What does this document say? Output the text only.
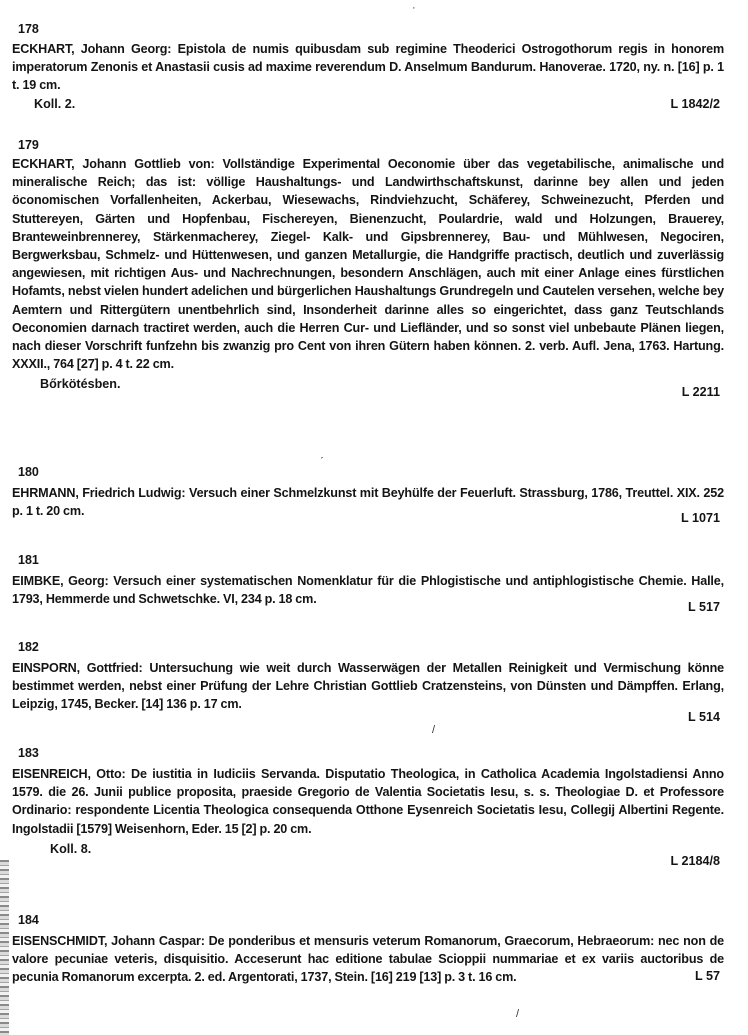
178
ECKHART, Johann Georg: Epistola de numis quibusdam sub regimine Theoderici Ostrogothorum regis in honorem imperatorum Zenonis et Anastasii cusis ad maxime reverendum D. Anselmum Bandurum. Hanoverae. 1720, ny. n. [16] p. 1 t. 19 cm.
Koll. 2.	L 1842/2
179
ECKHART, Johann Gottlieb von: Vollständige Experimental Oeconomie über das vegetabilische, animalische und mineralische Reich; das ist: völlige Haushaltungs- und Landwirthschaftskunst, darinne bey allen und jeden öconomischen Vorfallenheiten, Ackerbau, Wiesewachs, Rindviehzucht, Schäferey, Schweinezucht, Pferden und Stuttereyen, Gärten und Hopfenbau, Fischereyen, Bienenzucht, Poulardrie, wald und Holzungen, Brauerey, Branteweinbrennerey, Stärkenmacherey, Ziegel- Kalk- und Gipsbrennerey, Bau- und Mühlwesen, Negociren, Bergwerksbau, Schmelz- und Hüttenwesen, und ganzen Metallurgie, die Handgriffe practisch, deutlich und zuverlässig angewiesen, mit richtigen Aus- und Nachrechnungen, besondern Anschlägen, auch mit einer Anlage eines fürstlichen Hofamts, nebst vielen hundert adelichen und bürgerlichen Haushaltungs Grundregeln und Cautelen versehen, welche bey Aemtern und Rittergütern unentbehrlich sind, Insonderheit darinne alles so eingerichtet, dass ganz Teutschlands Oeconomien darnach tractiret werden, auch die Herren Cur- und Liefländer, und so sonst viel unbebaute Plänen liegen, nach dieser Vorschrift funfzehn bis zwanzig pro Cent von ihren Gütern haben können. 2. verb. Aufl. Jena, 1763. Hartung. XXXII., 764 [27] p. 4 t. 22 cm.
Bőrkötésben.
L 2211
180
EHRMANN, Friedrich Ludwig: Versuch einer Schmelzkunst mit Beyhülfe der Feuerluft. Strassburg, 1786, Treuttel. XIX. 252 p. 1 t. 20 cm.
L 1071
181
EIMBKE, Georg: Versuch einer systematischen Nomenklatur für die Phlogistische und antiphlogistische Chemie. Halle, 1793, Hemmerde und Schwetschke. VI, 234 p. 18 cm.
L 517
182
EINSPORN, Gottfried: Untersuchung wie weit durch Wasserwägen der Metallen Reinigkeit und Vermischung könne bestimmet werden, nebst einer Prüfung der Lehre Christian Gottlieb Cratzensteins, von Dünsten und Dämpffen. Erlang, Leipzig, 1745, Becker. [14] 136 p. 17 cm.
L 514
183
EISENREICH, Otto: De iustitia in Iudiciis Servanda. Disputatio Theologica, in Catholica Academia Ingolstadiensi Anno 1579. die 26. Junii publice proposita, praeside Gregorio de Valentia Societatis Iesu, s. s. Theologiae D. et Professore Ordinario: respondente Licentia Theologica consequenda Otthone Eysenreich Societatis Iesu, Collegij Albertini Regente. Ingolstadii [1579] Weisenhorn, Eder. 15 [2] p. 20 cm.
Koll. 8.
L 2184/8
184
EISENSCHMIDT, Johann Caspar: De ponderibus et mensuris veterum Romanorum, Graecorum, Hebraeorum: nec non de valore pecuniae veteris, disquisitio. Acceserunt hac editione tabulae Scioppii nummariae et ex variis auctoribus de pecunia Romanorum excerpta. 2. ed. Argentorati, 1737, Stein. [16] 219 [13] p. 3 t. 16 cm.	L 57
·
ˊ
/
/
